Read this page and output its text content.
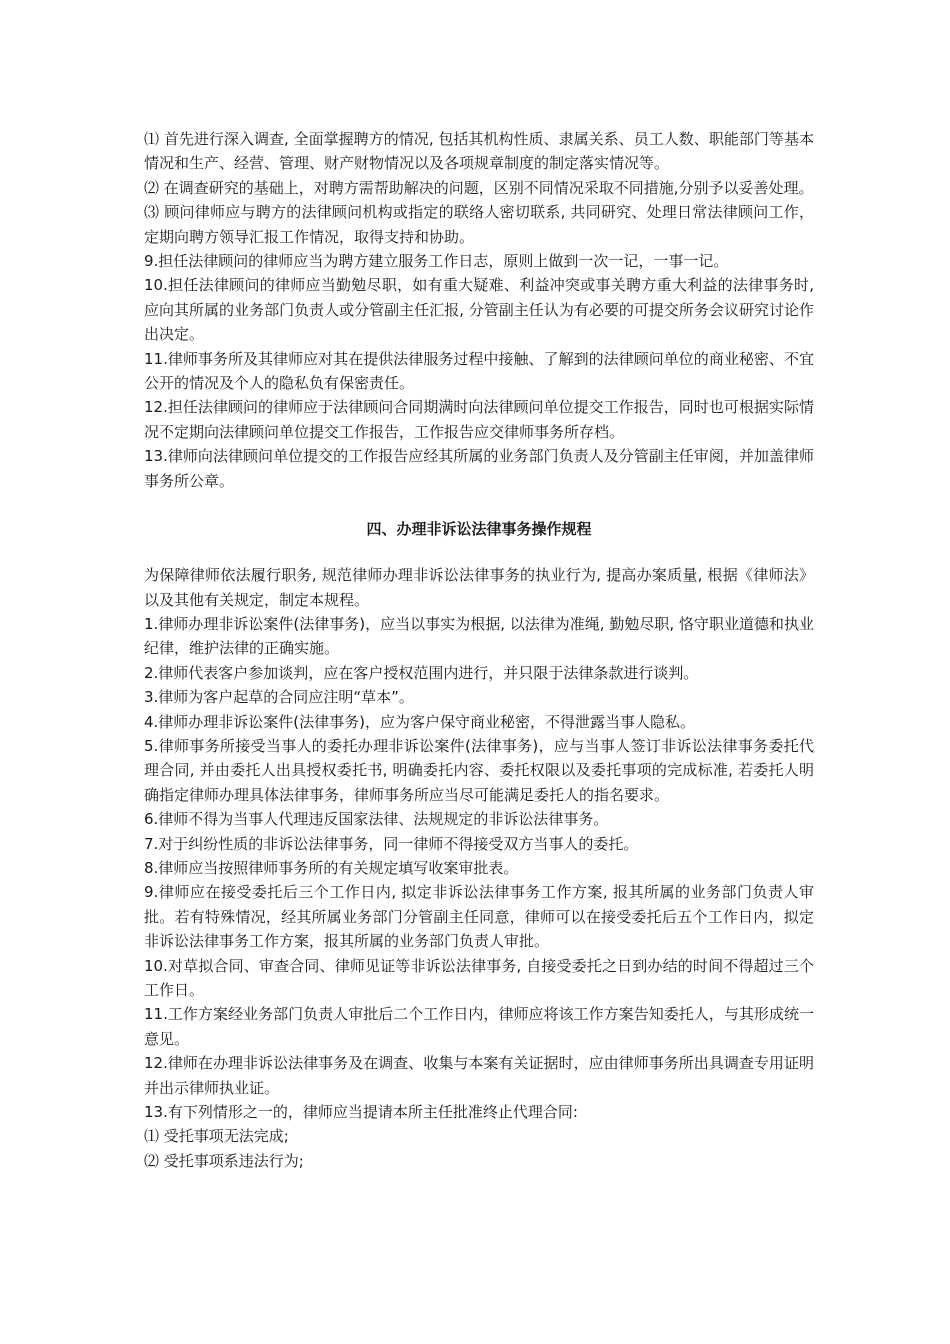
⑴ 首先进行深入调查, 全面掌握聘方的情况, 包括其机构性质、隶属关系、员工人数、职能部门等基本情况和生产、经营、管理、财产财物情况以及各项规章制度的制定落实情况等。

⑵ 在调查研究的基础上，对聘方需帮助解决的问题，区别不同情况采取不同措施,分别予以妥善处理。

⑶ 顾问律师应与聘方的法律顾问机构或指定的联络人密切联系, 共同研究、处理日常法律顾问工作，定期向聘方领导汇报工作情况，取得支持和协助。

9.担任法律顾问的律师应当为聘方建立服务工作日志，原则上做到一次一记，一事一记。

10.担任法律顾问的律师应当勤勉尽职，如有重大疑难、利益冲突或事关聘方重大利益的法律事务时, 应向其所属的业务部门负责人或分管副主任汇报, 分管副主任认为有必要的可提交所务会议研究讨论作出决定。

11.律师事务所及其律师应对其在提供法律服务过程中接触、了解到的法律顾问单位的商业秘密、不宜公开的情况及个人的隐私负有保密责任。

12.担任法律顾问的律师应于法律顾问合同期满时向法律顾问单位提交工作报告，同时也可根据实际情况不定期向法律顾问单位提交工作报告，工作报告应交律师事务所存档。

13.律师向法律顾问单位提交的工作报告应经其所属的业务部门负责人及分管副主任审阅，并加盖律师事务所公章。

四、办理非诉讼法律事务操作规程

为保障律师依法履行职务, 规范律师办理非诉讼法律事务的执业行为, 提高办案质量, 根据《律师法》以及其他有关规定，制定本规程。

1.律师办理非诉讼案件(法律事务)，应当以事实为根据, 以法律为准绳, 勤勉尽职, 恪守职业道德和执业纪律，维护法律的正确实施。

2.律师代表客户参加谈判，应在客户授权范围内进行，并只限于法律条款进行谈判。

3.律师为客户起草的合同应注明“草本”。

4.律师办理非诉讼案件(法律事务)，应为客户保守商业秘密，不得泄露当事人隐私。

5.律师事务所接受当事人的委托办理非诉讼案件(法律事务)，应与当事人签订非诉讼法律事务委托代理合同, 并由委托人出具授权委托书, 明确委托内容、委托权限以及委托事项的完成标准, 若委托人明确指定律师办理具体法律事务，律师事务所应当尽可能满足委托人的指名要求。

6.律师不得为当事人代理违反国家法律、法规规定的非诉讼法律事务。

7.对于纠纷性质的非诉讼法律事务，同一律师不得接受双方当事人的委托。

8.律师应当按照律师事务所的有关规定填写收案审批表。

9.律师应在接受委托后三个工作日内, 拟定非诉讼法律事务工作方案, 报其所属的业务部门负责人审批。若有特殊情况，经其所属业务部门分管副主任同意，律师可以在接受委托后五个工作日内，拟定非诉讼法律事务工作方案，报其所属的业务部门负责人审批。

10.对草拟合同、审查合同、律师见证等非诉讼法律事务, 自接受委托之日到办结的时间不得超过三个工作日。

11.工作方案经业务部门负责人审批后二个工作日内，律师应将该工作方案告知委托人，与其形成统一意见。

12.律师在办理非诉讼法律事务及在调查、收集与本案有关证据时，应由律师事务所出具调查专用证明并出示律师执业证。

13.有下列情形之一的，律师应当提请本所主任批准终止代理合同:

⑴ 受托事项无法完成;

⑵ 受托事项系违法行为;
